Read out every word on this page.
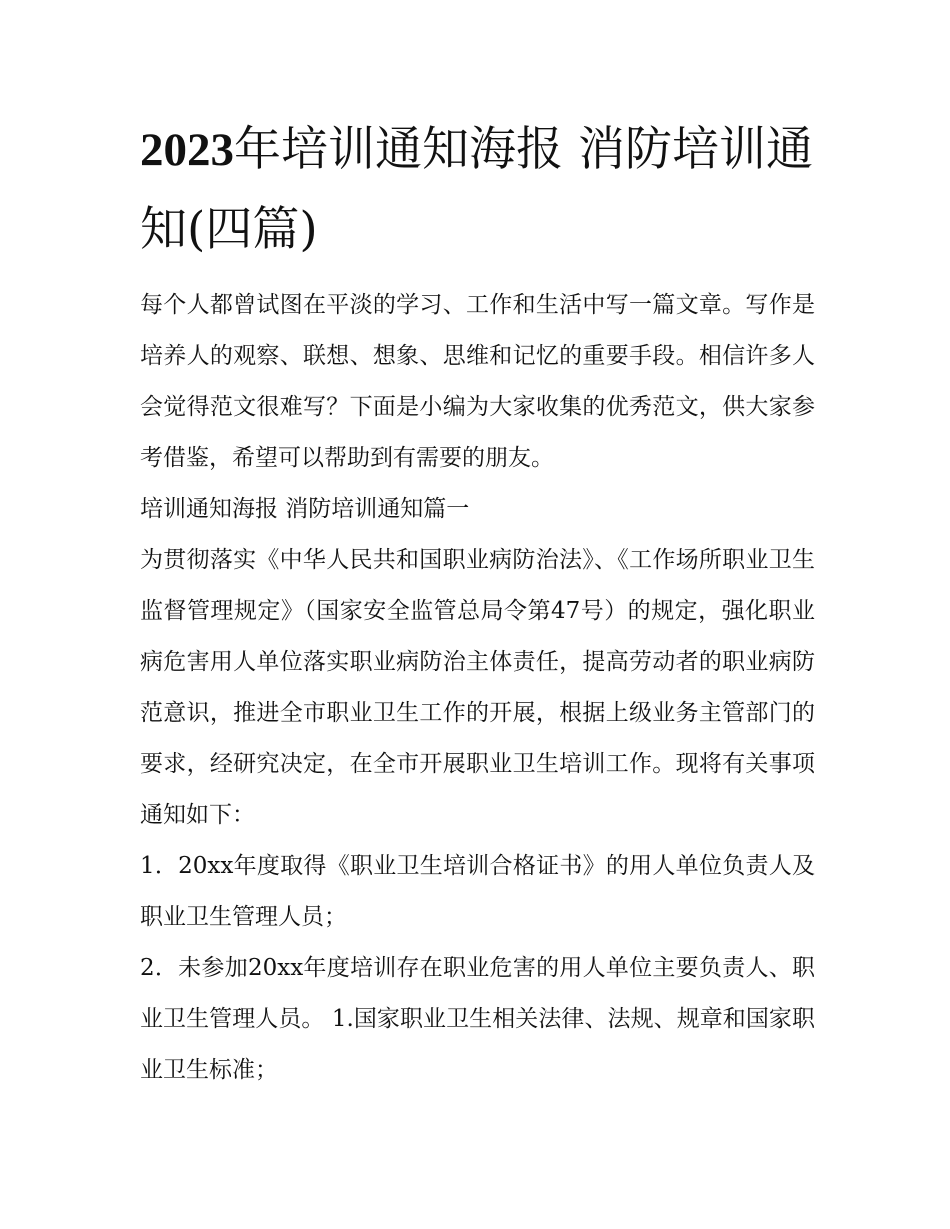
2023年培训通知海报 消防培训通知(四篇)

每个人都曾试图在平淡的学习、工作和生活中写一篇文章。写作是培养人的观察、联想、想象、思维和记忆的重要手段。相信许多人会觉得范文很难写？下面是小编为大家收集的优秀范文，供大家参考借鉴，希望可以帮助到有需要的朋友。

培训通知海报 消防培训通知篇一

为贯彻落实《中华人民共和国职业病防治法》、《工作场所职业卫生监督管理规定》（国家安全监管总局令第47号）的规定，强化职业病危害用人单位落实职业病防治主体责任，提高劳动者的职业病防范意识，推进全市职业卫生工作的开展，根据上级业务主管部门的要求，经研究决定，在全市开展职业卫生培训工作。现将有关事项通知如下：

1．20xx年度取得《职业卫生培训合格证书》的用人单位负责人及职业卫生管理人员；

2．未参加20xx年度培训存在职业危害的用人单位主要负责人、职业卫生管理人员。 1.国家职业卫生相关法律、法规、规章和国家职业卫生标准；
